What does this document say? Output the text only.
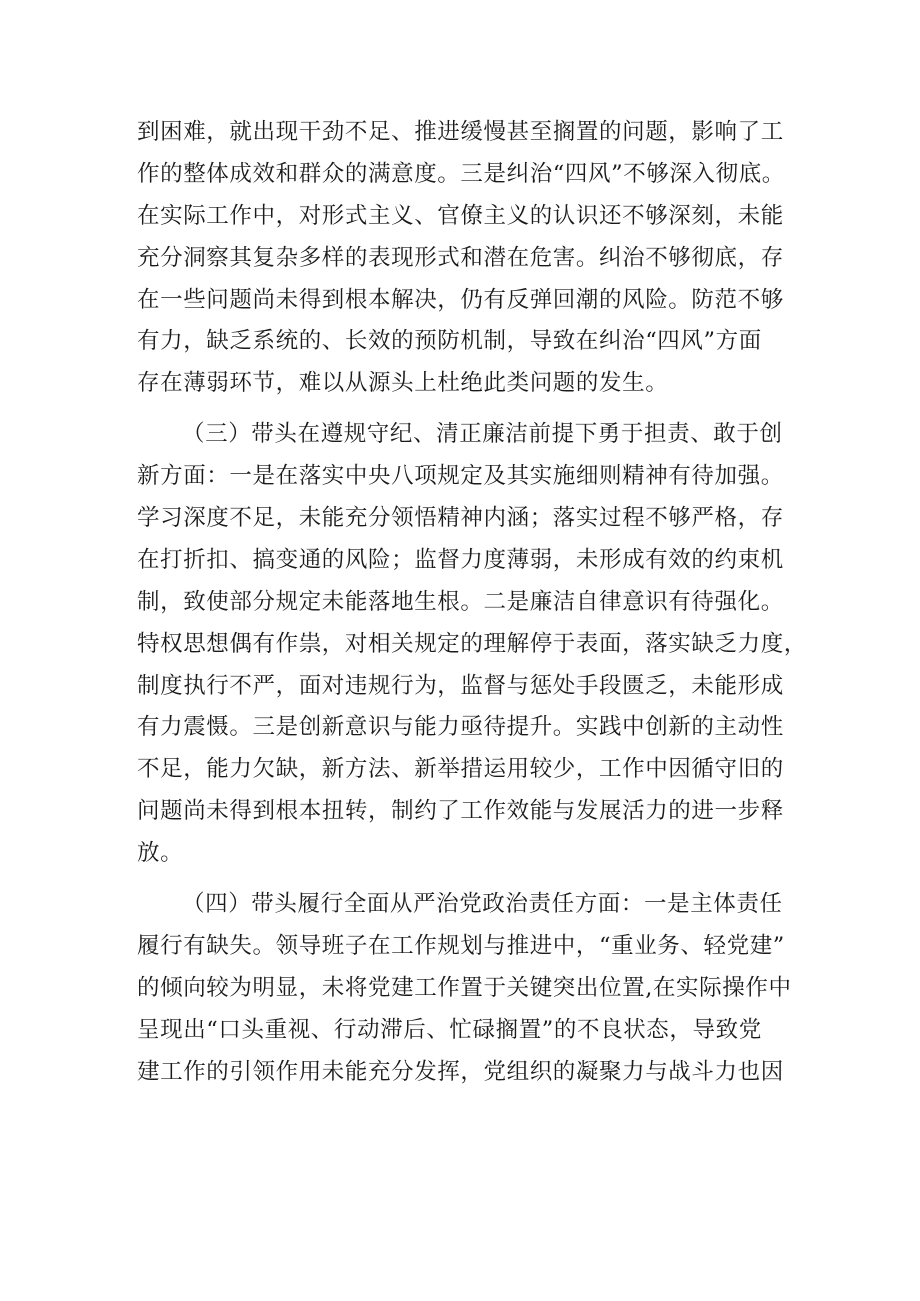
到困难，就出现干劲不足、推进缓慢甚至搁置的问题，影响了工
作的整体成效和群众的满意度。三是纠治“四风”不够深入彻底。
在实际工作中，对形式主义、官僚主义的认识还不够深刻，未能
充分洞察其复杂多样的表现形式和潜在危害。纠治不够彻底，存
在一些问题尚未得到根本解决，仍有反弹回潮的风险。防范不够
有力，缺乏系统的、长效的预防机制，导致在纠治“四风”方面
存在薄弱环节，难以从源头上杜绝此类问题的发生。
（三）带头在遵规守纪、清正廉洁前提下勇于担责、敢于创
新方面：一是在落实中央八项规定及其实施细则精神有待加强。
学习深度不足，未能充分领悟精神内涵；落实过程不够严格，存
在打折扣、搞变通的风险；监督力度薄弱，未形成有效的约束机
制，致使部分规定未能落地生根。二是廉洁自律意识有待强化。
特权思想偶有作祟，对相关规定的理解停于表面，落实缺乏力度，
制度执行不严，面对违规行为，监督与惩处手段匮乏，未能形成
有力震慑。三是创新意识与能力亟待提升。实践中创新的主动性
不足，能力欠缺，新方法、新举措运用较少，工作中因循守旧的
问题尚未得到根本扭转，制约了工作效能与发展活力的进一步释
放。
（四）带头履行全面从严治党政治责任方面：一是主体责任
履行有缺失。领导班子在工作规划与推进中，“重业务、轻党建”
的倾向较为明显，未将党建工作置于关键突出位置,在实际操作中
呈现出“口头重视、行动滞后、忙碌搁置”的不良状态，导致党
建工作的引领作用未能充分发挥，党组织的凝聚力与战斗力也因
